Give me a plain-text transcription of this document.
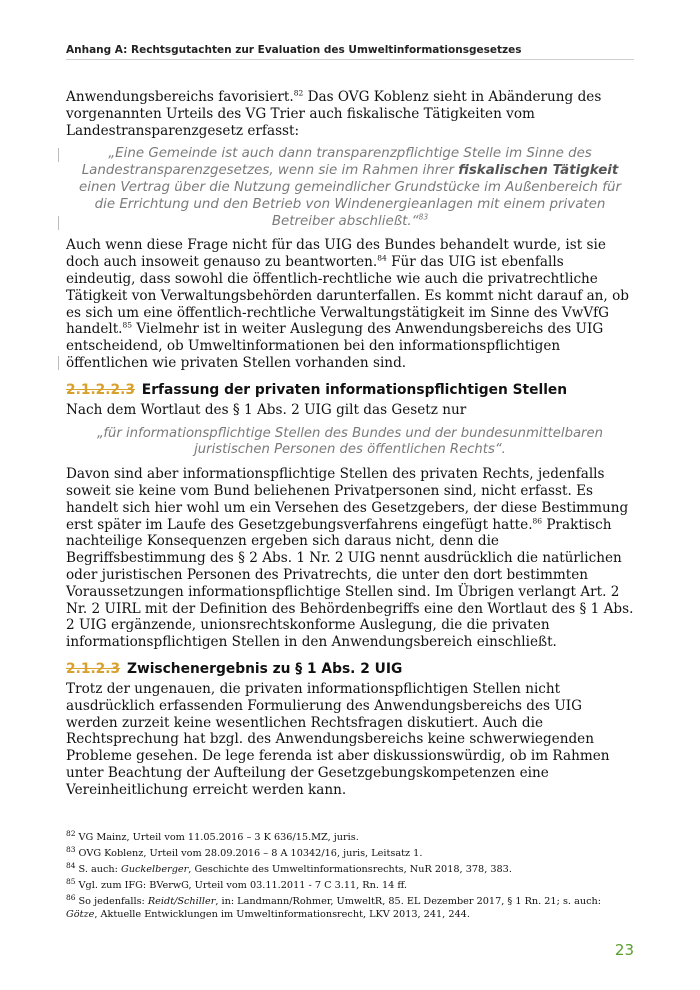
Anhang A: Rechtsgutachten zur Evaluation des Umweltinformationsgesetzes

Anwendungsbereichs favorisiert.$^{82}$ Das OVG Koblenz sieht in Abänderung des vorgenannten Urteils des VG Trier auch fiskalische Tätigkeiten vom Landestransparenzgesetz erfasst:

„Eine Gemeinde ist auch dann transparenzpflichtige Stelle im Sinne des Landestransparenzgesetzes, wenn sie im Rahmen ihrer fiskalischen Tätigkeit einen Vertrag über die Nutzung gemeindlicher Grundstücke im Außenbereich für die Errichtung und den Betrieb von Windenergieanlagen mit einem privaten Betreiber abschließt.“$^{83}$

Auch wenn diese Frage nicht für das UIG des Bundes behandelt wurde, ist sie doch auch insoweit genauso zu beantworten.$^{84}$ Für das UIG ist ebenfalls eindeutig, dass sowohl die öffentlich-rechtliche wie auch die privatrechtliche Tätigkeit von Verwaltungsbehörden darunterfallen. Es kommt nicht darauf an, ob es sich um eine öffentlich-rechtliche Verwaltungstätigkeit im Sinne des VwVfG handelt.$^{85}$ Vielmehr ist in weiter Auslegung des Anwendungsbereichs des UIG entscheidend, ob Umweltinformationen bei den informationspflichtigen öffentlichen wie privaten Stellen vorhanden sind.

2.1.2.2.3 Erfassung der privaten informationspflichtigen Stellen

Nach dem Wortlaut des § 1 Abs. 2 UIG gilt das Gesetz nur

„für informationspflichtige Stellen des Bundes und der bundesunmittelbaren juristischen Personen des öffentlichen Rechts“.

Davon sind aber informationspflichtige Stellen des privaten Rechts, jedenfalls soweit sie keine vom Bund beliehenen Privatpersonen sind, nicht erfasst. Es handelt sich hier wohl um ein Versehen des Gesetzgebers, der diese Bestimmung erst später im Laufe des Gesetzgebungsverfahrens eingefügt hatte.$^{86}$ Praktisch nachteilige Konsequenzen ergeben sich daraus nicht, denn die Begriffsbestimmung des § 2 Abs. 1 Nr. 2 UIG nennt ausdrücklich die natürlichen oder juristischen Personen des Privatrechts, die unter den dort bestimmten Voraussetzungen informationspflichtige Stellen sind. Im Übrigen verlangt Art. 2 Nr. 2 UIRL mit der Definition des Behördenbegriffs eine den Wortlaut des § 1 Abs. 2 UIG ergänzende, unionsrechtskonforme Auslegung, die die privaten informationspflichtigen Stellen in den Anwendungsbereich einschließt.

2.1.2.3 Zwischenergebnis zu § 1 Abs. 2 UIG

Trotz der ungenauen, die privaten informationspflichtigen Stellen nicht ausdrücklich erfassenden Formulierung des Anwendungsbereichs des UIG werden zurzeit keine wesentlichen Rechtsfragen diskutiert. Auch die Rechtsprechung hat bzgl. des Anwendungsbereichs keine schwerwiegenden Probleme gesehen. De lege ferenda ist aber diskussionswürdig, ob im Rahmen unter Beachtung der Aufteilung der Gesetzgebungskompetenzen eine Vereinheitlichung erreicht werden kann.

$^{82}$ VG Mainz, Urteil vom 11.05.2016 – 3 K 636/15.MZ, juris.
$^{83}$ OVG Koblenz, Urteil vom 28.09.2016 – 8 A 10342/16, juris, Leitsatz 1.
$^{84}$ S. auch: Guckelberger, Geschichte des Umweltinformationsrechts, NuR 2018, 378, 383.
$^{85}$ Vgl. zum IFG: BVerwG, Urteil vom 03.11.2011 - 7 C 3.11, Rn. 14 ff.
$^{86}$ So jedenfalls: Reidt/Schiller, in: Landmann/Rohmer, UmweltR, 85. EL Dezember 2017, § 1 Rn. 21; s. auch: Götze, Aktuelle Entwicklungen im Umweltinformationsrecht, LKV 2013, 241, 244.
23
